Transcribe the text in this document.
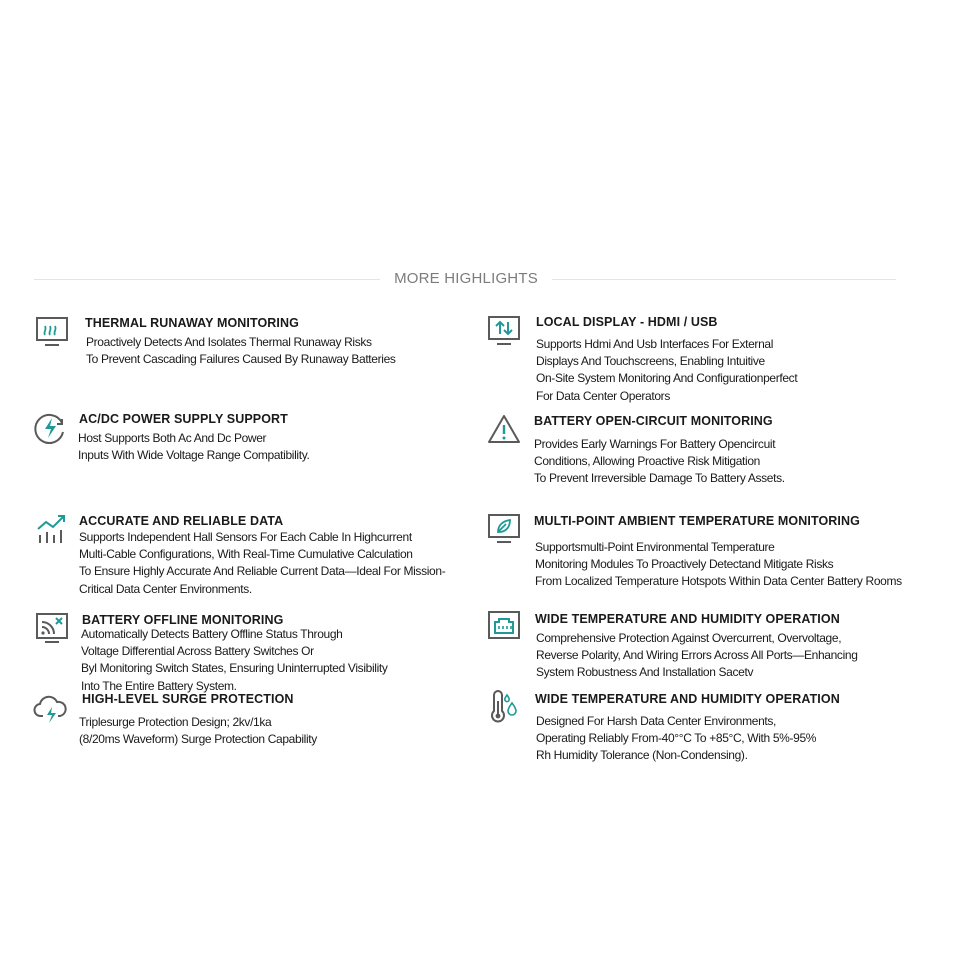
MORE HIGHLIGHTS
THERMAL RUNAWAY MONITORING
Proactively Detects And Isolates Thermal Runaway Risks
To Prevent Cascading Failures Caused By Runaway Batteries
AC/DC POWER SUPPLY SUPPORT
Host Supports Both Ac And Dc Power
Inputs With Wide Voltage Range Compatibility.
ACCURATE AND RELIABLE DATA
Supports Independent Hall Sensors For Each Cable In Highcurrent
Multi-Cable Configurations, With Real-Time Cumulative Calculation
To Ensure Highly Accurate And Reliable Current Data—Ideal For Mission-
Critical Data Center Environments.
BATTERY OFFLINE MONITORING
Automatically Detects Battery Offline Status Through
Voltage Differential Across Battery Switches Or
Byl Monitoring Switch States, Ensuring Uninterrupted Visibility
Into The Entire Battery System.
HIGH-LEVEL SURGE PROTECTION
Triplesurge Protection Design; 2kv/1ka
(8/20ms Waveform) Surge Protection Capability
LOCAL DISPLAY - HDMI / USB
Supports Hdmi And Usb Interfaces For External
Displays And Touchscreens, Enabling Intuitive
On-Site System Monitoring And Configurationperfect
For Data Center Operators
BATTERY OPEN-CIRCUIT MONITORING
Provides Early Warnings For Battery Opencircuit
Conditions, Allowing Proactive Risk Mitigation
To Prevent Irreversible Damage To Battery Assets.
MULTI-POINT AMBIENT TEMPERATURE MONITORING
Supportsmulti-Point Environmental Temperature
Monitoring Modules To Proactively Detectand Mitigate Risks
From Localized Temperature Hotspots Within Data Center Battery Rooms
WIDE TEMPERATURE AND HUMIDITY OPERATION
Comprehensive Protection Against Overcurrent, Overvoltage,
Reverse Polarity, And Wiring Errors Across All Ports—Enhancing
System Robustness And Installation Sacetv
WIDE TEMPERATURE AND HUMIDITY OPERATION
Designed For Harsh Data Center Environments,
Operating Reliably From-40°°C To +85°C, With 5%-95%
Rh Humidity Tolerance (Non-Condensing).
